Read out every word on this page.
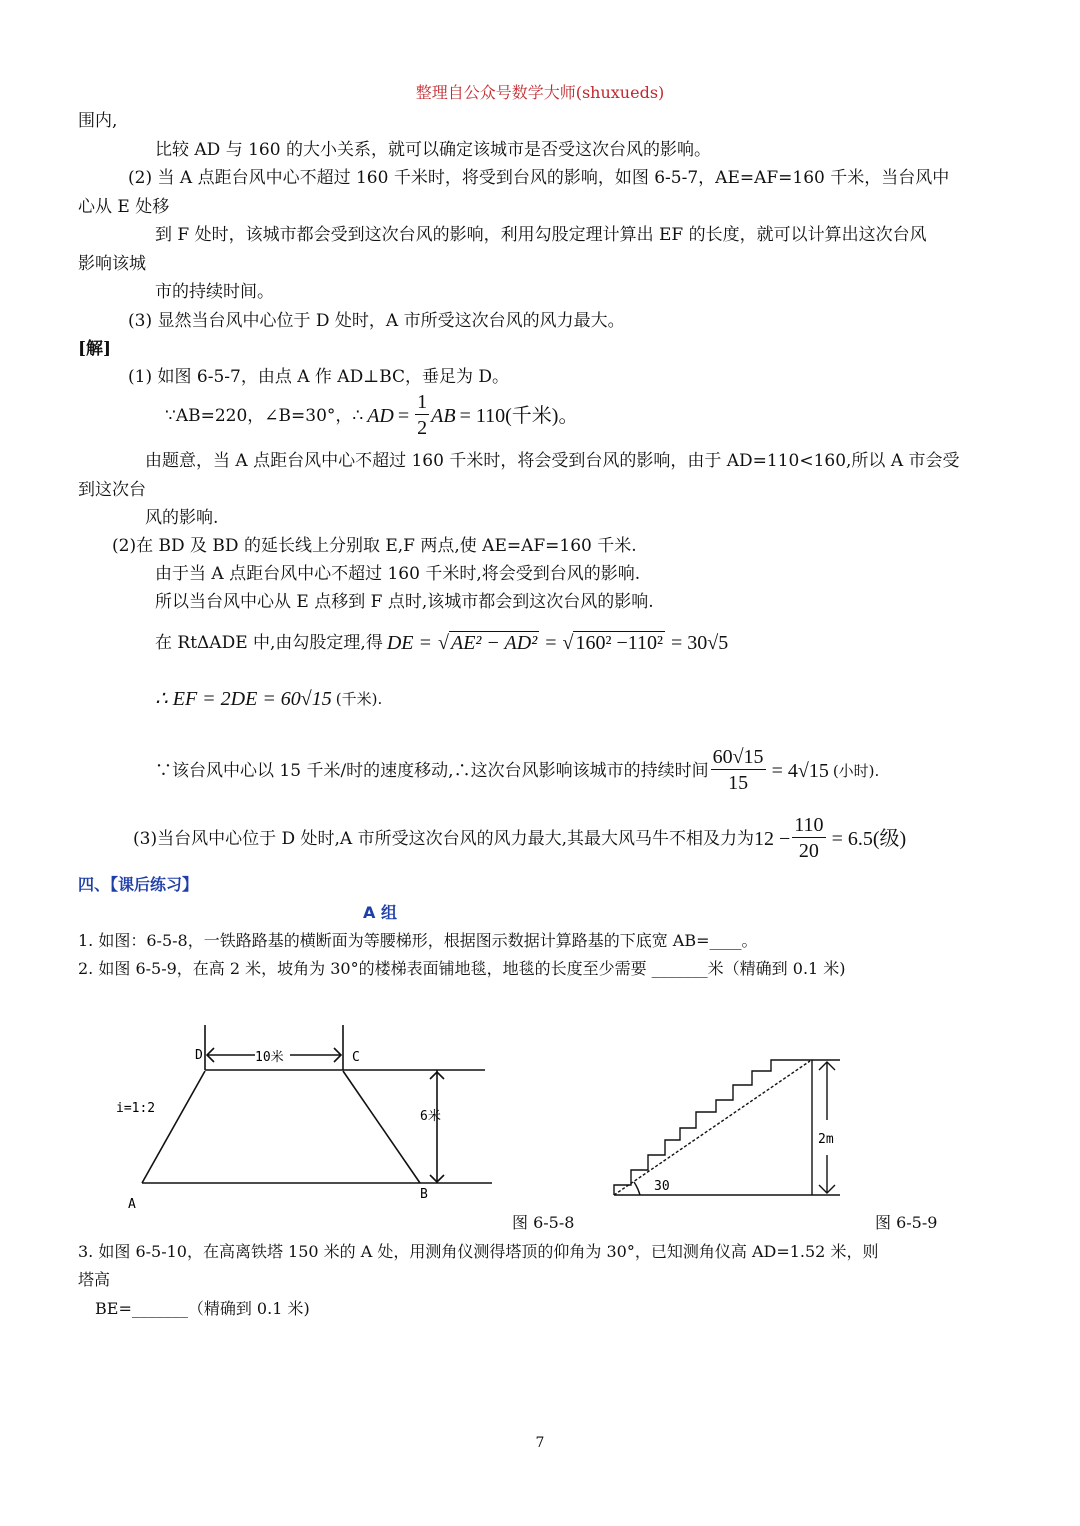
整理自公众号数学大师(shuxueds)
围内,
比较 AD 与 160 的大小关系，就可以确定该城市是否受这次台风的影响。
(2) 当 A 点距台风中心不超过 160 千米时，将受到台风的影响，如图 6-5-7，AE=AF=160 千米，当台风中
心从 E 处移
到 F 处时，该城市都会受到这次台风的影响，利用勾股定理计算出 EF 的长度，就可以计算出这次台风
影响该城
市的持续时间。
(3) 显然当台风中心位于 D 处时，A 市所受这次台风的风力最大。
[解]
(1) 如图 6-5-7，由点 A 作 AD⊥BC，垂足为 D。
∵AB=220，∠B=30°，∴ AD = $\frac{1}{2}$ AB = 110(千米)。
由题意，当 A 点距台风中心不超过 160 千米时，将会受到台风的影响，由于 AD=110<160,所以 A 市会受
到这次台
风的影响.
(2)在 BD 及 BD 的延长线上分别取 E,F 两点,使 AE=AF=160 千米.
由于当 A 点距台风中心不超过 160 千米时,将会受到台风的影响.
所以当台风中心从 E 点移到 F 点时,该城市都会到这次台风的影响.
在 RtΔADE 中,由勾股定理,得 DE = √ AE² − AD² = √ 160² −110² = 30√5
∴ EF = 2DE = 60√15 (千米).
∵该台风中心以 15 千米/时的速度移动,∴这次台风影响该城市的持续时间 $\frac{60√15}{15} = 4√15$ (小时).
(3)当台风中心位于 D 处时,A 市所受这次台风的风力最大,其最大风马牛不相及力为 $12 - \frac{110}{20} = 6.5$(级)
四、【课后练习】
A 组
1. 如图：6-5-8，一铁路路基的横断面为等腰梯形，根据图示数据计算路基的下底宽 AB=____。
2. 如图 6-5-9，在高 2 米，坡角为 30°的楼梯表面铺地毯，地毯的长度至少需要 _______米（精确到 0.1 米)
D	C
A
B
10米
6米
i=1:2
2m
30
图 6-5-8	图 6-5-9
3. 如图 6-5-10，在高离铁塔 150 米的 A 处，用测角仪测得塔顶的仰角为 30°，已知测角仪高 AD=1.52 米，则
塔高
BE=_______（精确到 0.1 米)
7
